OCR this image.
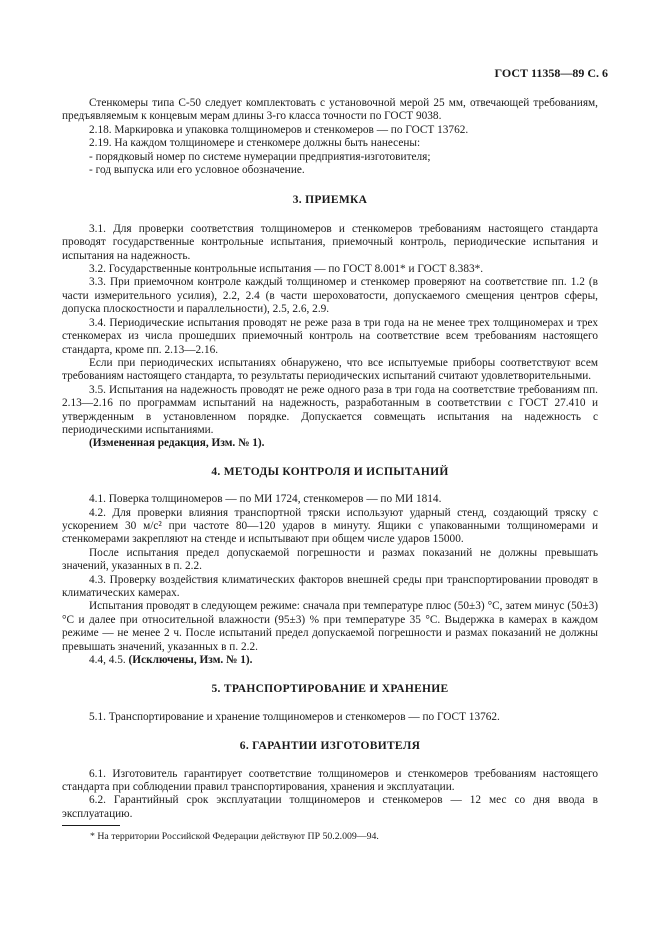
ГОСТ 11358—89 С. 6

Стенкомеры типа С-50 следует комплектовать с установочной мерой 25 мм, отвечающей требованиям, предъявляемым к концевым мерам длины 3-го класса точности по ГОСТ 9038.

2.18. Маркировка и упаковка толщиномеров и стенкомеров — по ГОСТ 13762.

2.19. На каждом толщиномере и стенкомере должны быть нанесены:

- порядковый номер по системе нумерации предприятия-изготовителя;

- год выпуска или его условное обозначение.

3. ПРИЕМКА

3.1. Для проверки соответствия толщиномеров и стенкомеров требованиям настоящего стандарта проводят государственные контрольные испытания, приемочный контроль, периодические испытания и испытания на надежность.

3.2. Государственные контрольные испытания — по ГОСТ 8.001* и ГОСТ 8.383*.

3.3. При приемочном контроле каждый толщиномер и стенкомер проверяют на соответствие пп. 1.2 (в части измерительного усилия), 2.2, 2.4 (в части шероховатости, допускаемого смещения центров сферы, допуска плоскостности и параллельности), 2.5, 2.6, 2.9.

3.4. Периодические испытания проводят не реже раза в три года на не менее трех толщиномерах и трех стенкомерах из числа прошедших приемочный контроль на соответствие всем требованиям настоящего стандарта, кроме пп. 2.13—2.16.

Если при периодических испытаниях обнаружено, что все испытуемые приборы соответствуют всем требованиям настоящего стандарта, то результаты периодических испытаний считают удовлетворительными.

3.5. Испытания на надежность проводят не реже одного раза в три года на соответствие требованиям пп. 2.13—2.16 по программам испытаний на надежность, разработанным в соответствии с ГОСТ 27.410 и утвержденным в установленном порядке. Допускается совмещать испытания на надежность с периодическими испытаниями.

(Измененная редакция, Изм. № 1).

4. МЕТОДЫ КОНТРОЛЯ И ИСПЫТАНИЙ

4.1. Поверка толщиномеров — по МИ 1724, стенкомеров — по МИ 1814.

4.2. Для проверки влияния транспортной тряски используют ударный стенд, создающий тряску с ускорением 30 м/с² при частоте 80—120 ударов в минуту. Ящики с упакованными толщиномерами и стенкомерами закрепляют на стенде и испытывают при общем числе ударов 15000.

После испытания предел допускаемой погрешности и размах показаний не должны превышать значений, указанных в п. 2.2.

4.3. Проверку воздействия климатических факторов внешней среды при транспортировании проводят в климатических камерах.

Испытания проводят в следующем режиме: сначала при температуре плюс (50±3) °С, затем минус (50±3) °С и далее при относительной влажности (95±3) % при температуре 35 °С. Выдержка в камерах в каждом режиме — не менее 2 ч. После испытаний предел допускаемой погрешности и размах показаний не должны превышать значений, указанных в п. 2.2.

4.4, 4.5. (Исключены, Изм. № 1).

5. ТРАНСПОРТИРОВАНИЕ И ХРАНЕНИЕ

5.1. Транспортирование и хранение толщиномеров и стенкомеров — по ГОСТ 13762.

6. ГАРАНТИИ ИЗГОТОВИТЕЛЯ

6.1. Изготовитель гарантирует соответствие толщиномеров и стенкомеров требованиям настоящего стандарта при соблюдении правил транспортирования, хранения и эксплуатации.

6.2. Гарантийный срок эксплуатации толщиномеров и стенкомеров — 12 мес со дня ввода в эксплуатацию.

* На территории Российской Федерации действуют ПР 50.2.009—94.
